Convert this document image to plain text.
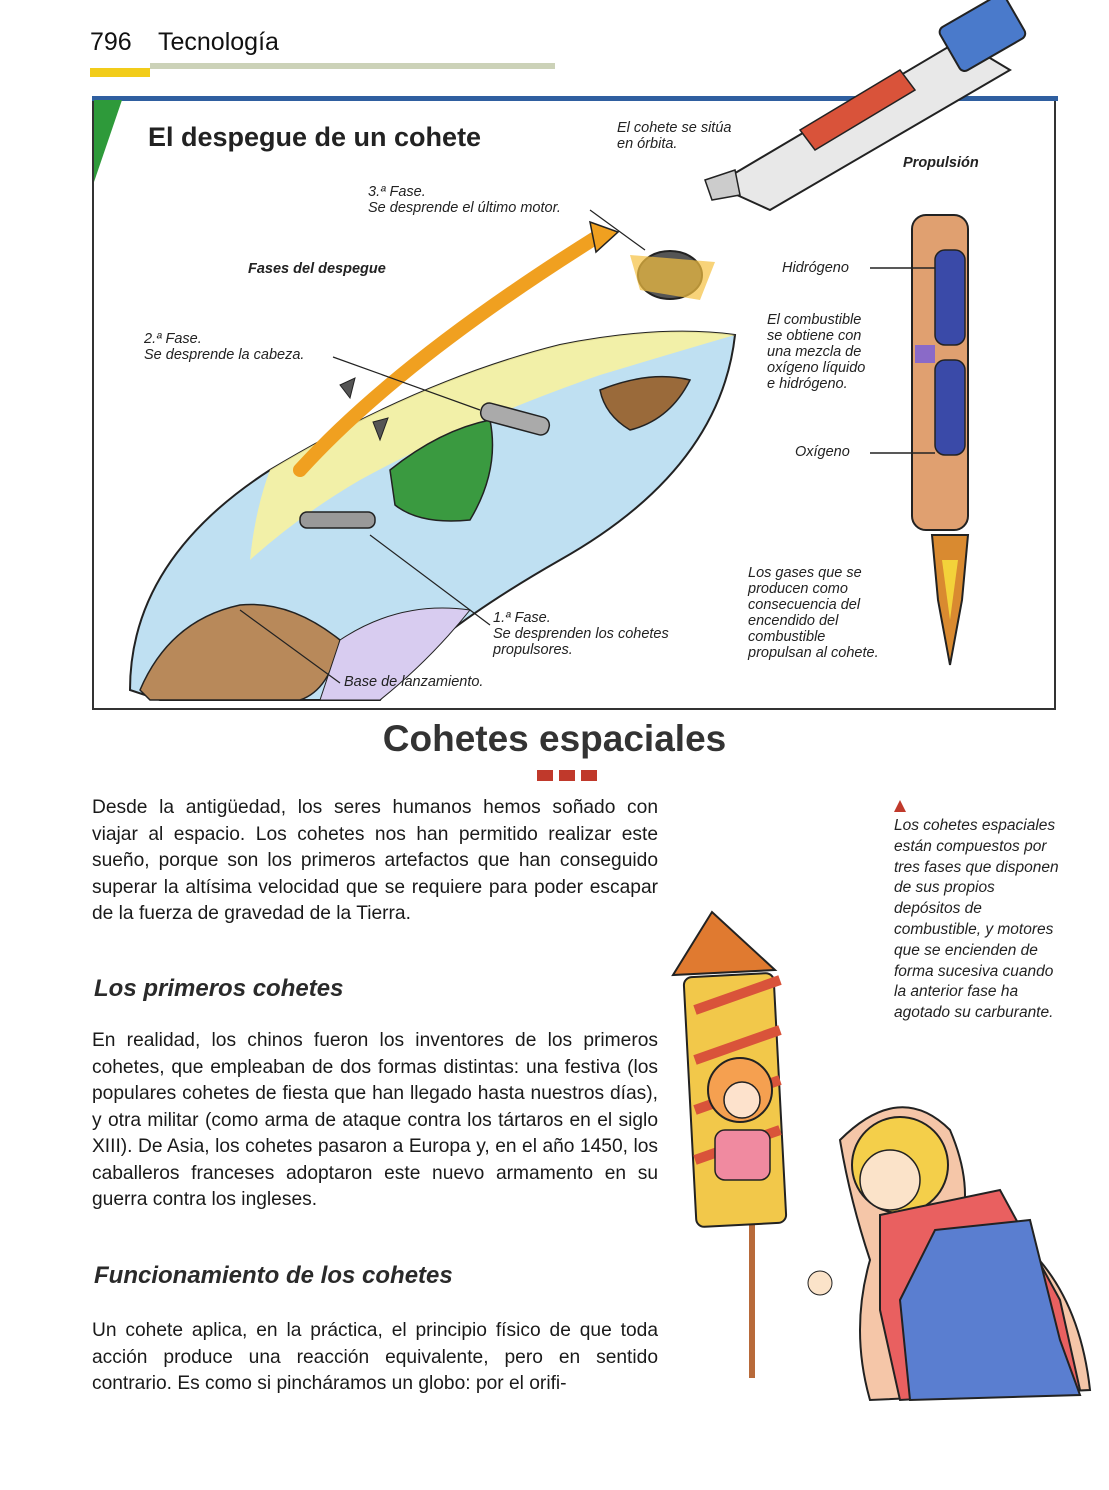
796 Tecnología
El despegue de un cohete	El cohete se sitúa en órbita.
3.ª Fase.
Se desprende el último motor.
Fases del despegue
2.ª Fase.
Se desprende la cabeza.
1.ª Fase.
Se desprenden los cohetes
propulsores.
Base de lanzamiento.
Propulsión
Hidrógeno
El combustible
se obtiene con
una mezcla de
oxígeno líquido
e hidrógeno.
Oxígeno
Los gases que se
producen como
consecuencia del
encendido del
combustible
propulsan al cohete.
Cohetes espaciales
Desde la antigüedad, los seres humanos hemos soñado con viajar al espacio. Los cohetes nos han permitido realizar este sueño, porque son los primeros artefactos que han conseguido superar la altísima velocidad que se requiere para poder escapar de la fuerza de gravedad de la Tierra.
Los primeros cohetes
En realidad, los chinos fueron los inventores de los primeros cohetes, que empleaban de dos formas distintas: una festiva (los populares cohetes de fiesta que han llegado hasta nuestros días), y otra militar (como arma de ataque contra los tártaros en el siglo XIII). De Asia, los cohetes pasaron a Europa y, en el año 1450, los caballeros franceses adoptaron este nuevo armamento en su guerra contra los ingleses.
Funcionamiento de los cohetes
Un cohete aplica, en la práctica, el principio físico de que toda acción produce una reacción equivalente, pero en sentido contrario. Es como si pincháramos un globo: por el orifi-
Los cohetes espaciales están compuestos por tres fases que disponen de sus propios depósitos de combustible, y motores que se encienden de forma sucesiva cuando la anterior fase ha agotado su carburante.
